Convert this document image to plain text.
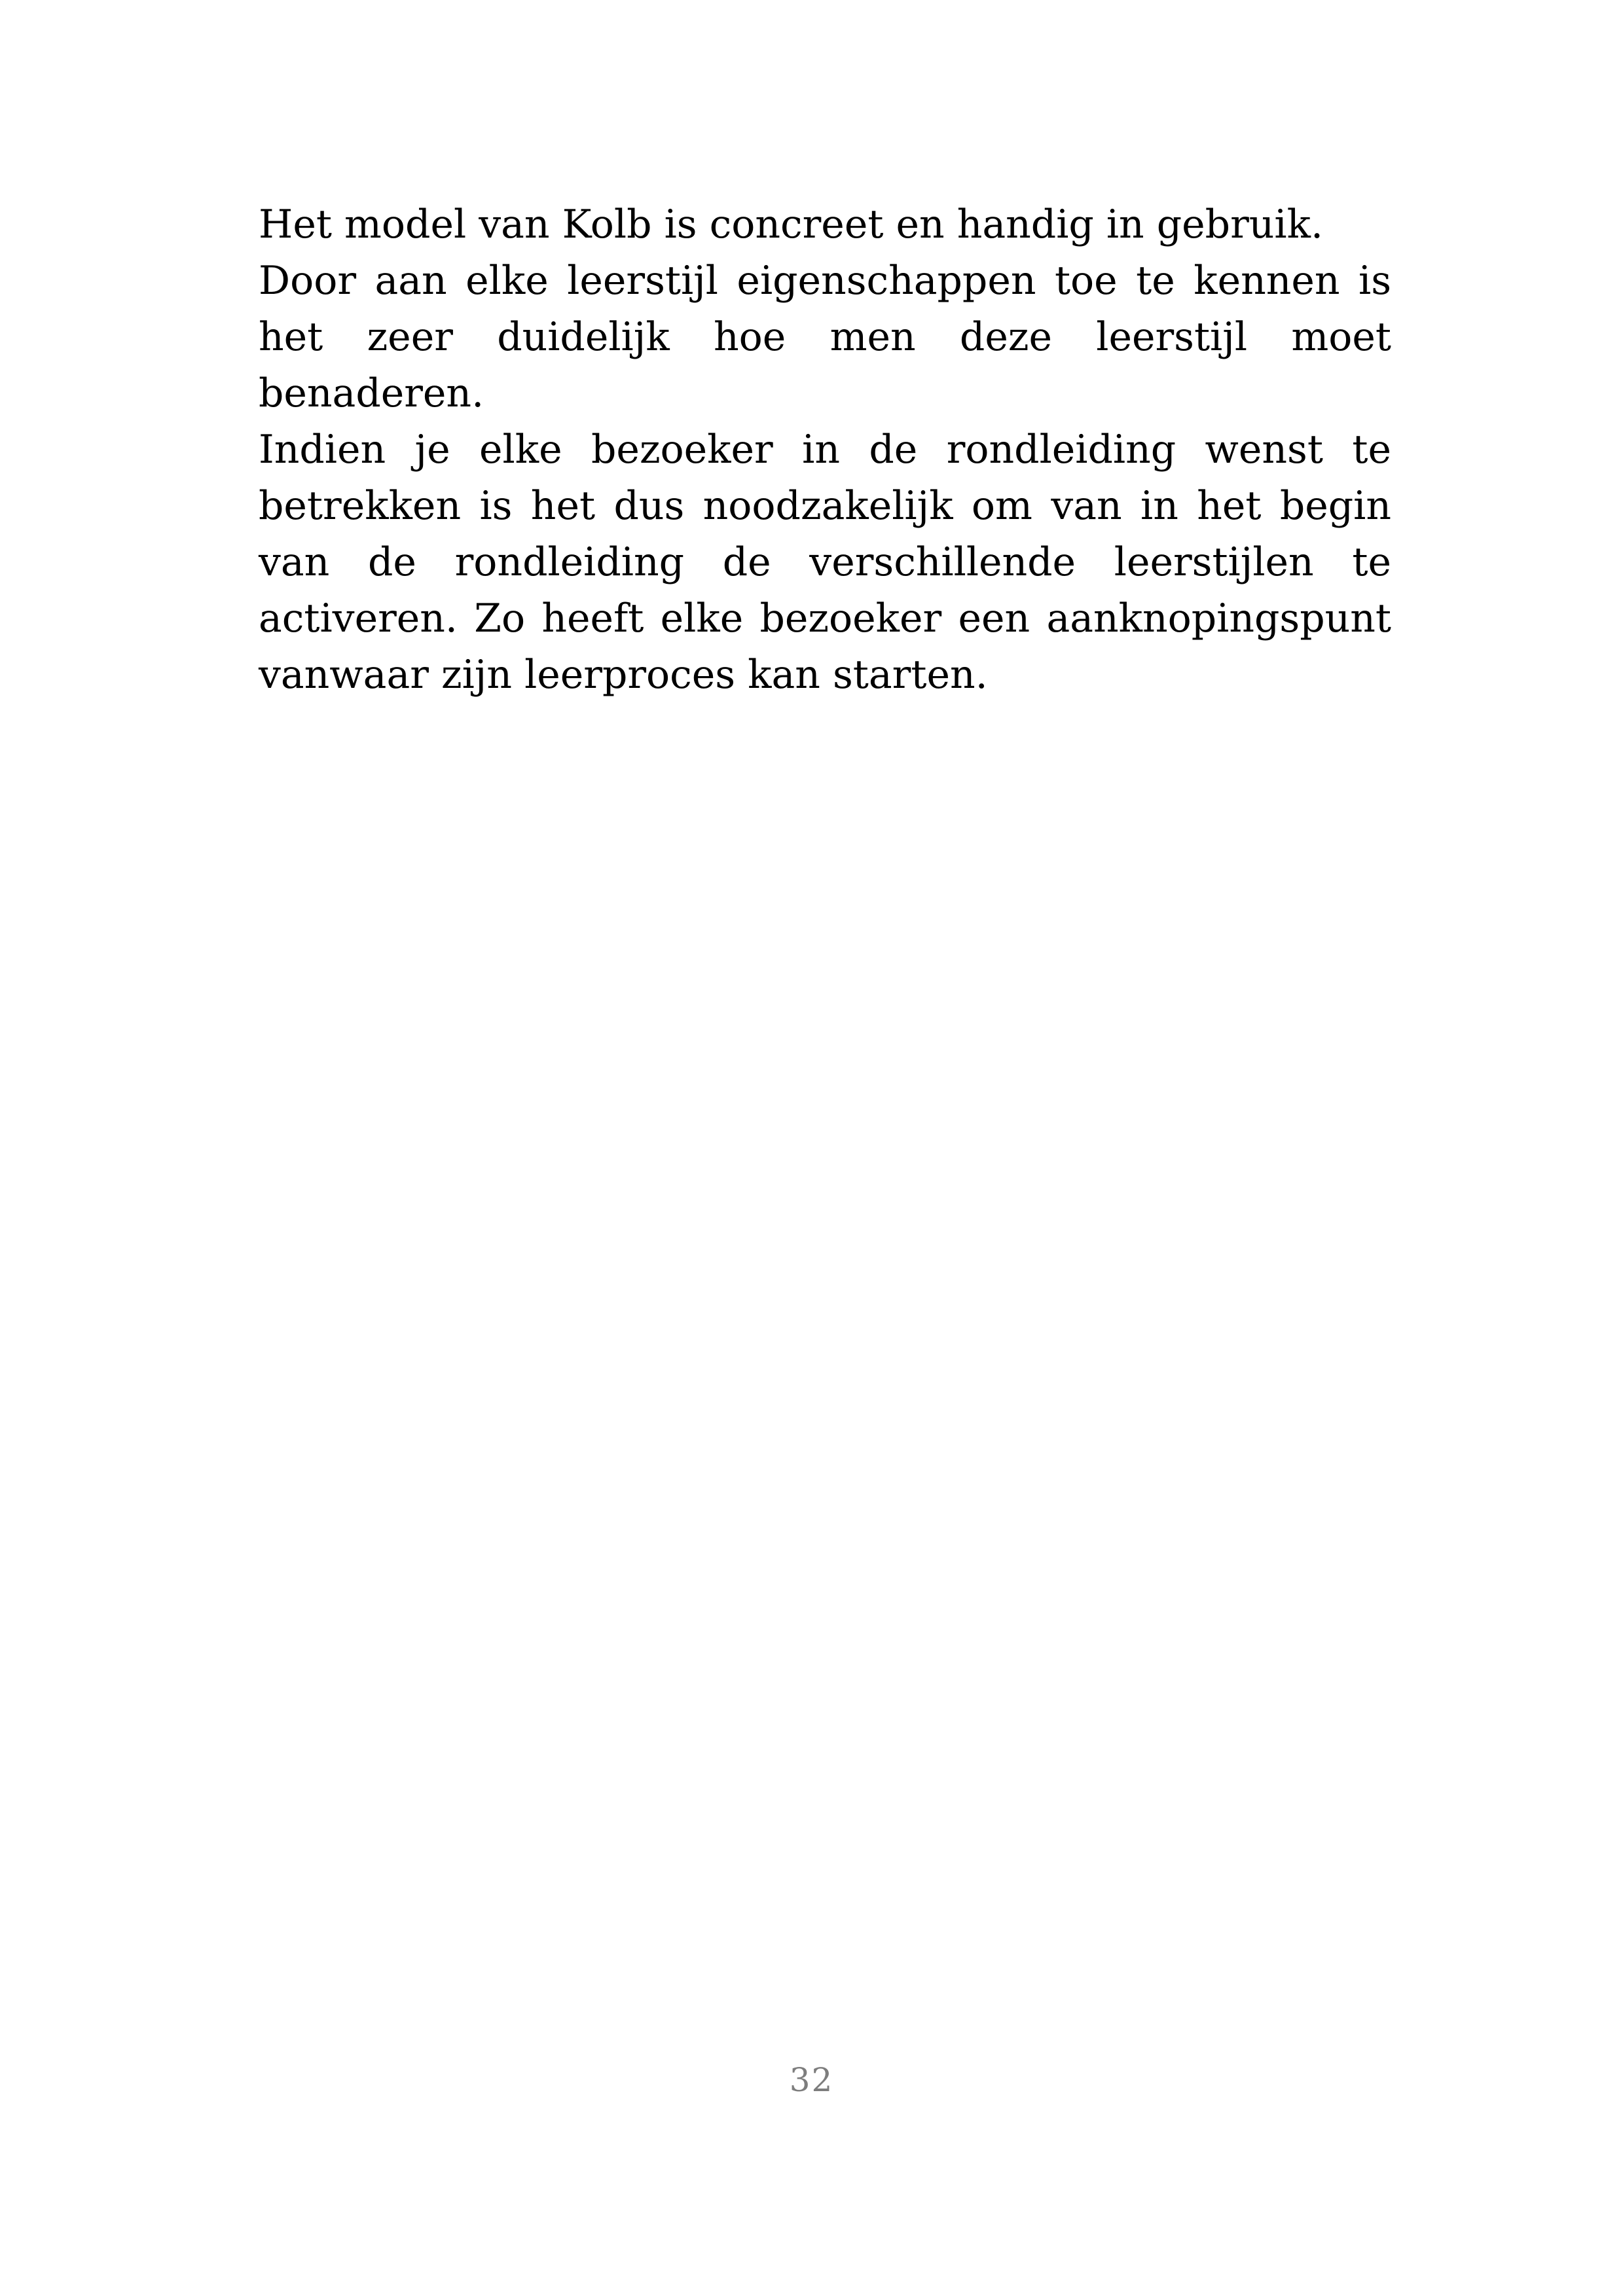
Het model van Kolb is concreet en handig in gebruik.
Door aan elke leerstijl eigenschappen toe te kennen is
het zeer duidelijk hoe men deze leerstijl moet benaderen.
Indien je elke bezoeker in de rondleiding wenst te
betrekken is het dus noodzakelijk om van in het begin
van de rondleiding de verschillende leerstijlen te
activeren. Zo heeft elke bezoeker een aanknopingspunt
vanwaar zijn leerproces kan starten.
32
